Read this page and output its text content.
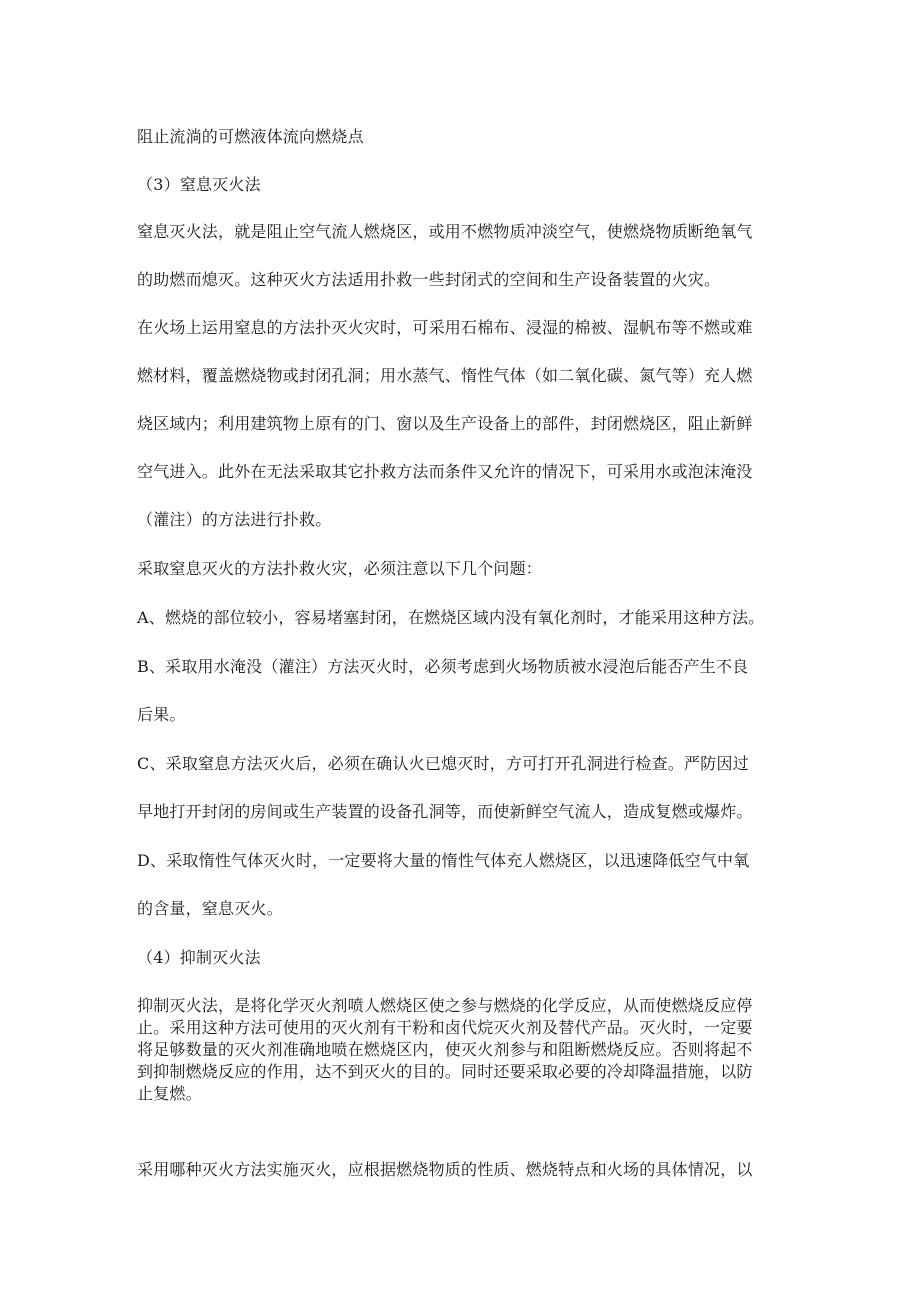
阻止流淌的可燃液体流向燃烧点
（3）窒息灭火法
窒息灭火法，就是阻止空气流人燃烧区，或用不燃物质冲淡空气，使燃烧物质断绝氧气
的助燃而熄灭。这种灭火方法适用扑救一些封闭式的空间和生产设备装置的火灾。
在火场上运用窒息的方法扑灭火灾时，可采用石棉布、浸湿的棉被、湿帆布等不燃或难
燃材料，覆盖燃烧物或封闭孔洞；用水蒸气、惰性气体（如二氧化碳、氮气等）充人燃
烧区域内；利用建筑物上原有的门、窗以及生产设备上的部件，封闭燃烧区，阻止新鲜
空气进入。此外在无法采取其它扑救方法而条件又允许的情况下，可采用水或泡沫淹没
（灌注）的方法进行扑救。
采取窒息灭火的方法扑救火灾，必须注意以下几个问题：
A、燃烧的部位较小，容易堵塞封闭，在燃烧区域内没有氧化剂时，才能采用这种方法。
B、采取用水淹没（灌注）方法灭火时，必须考虑到火场物质被水浸泡后能否产生不良
后果。
C、采取窒息方法灭火后，必须在确认火已熄灭时，方可打开孔洞进行检查。严防因过
早地打开封闭的房间或生产装置的设备孔洞等，而使新鲜空气流人，造成复燃或爆炸。
D、采取惰性气体灭火时，一定要将大量的惰性气体充人燃烧区，以迅速降低空气中氧
的含量，窒息灭火。
（4）抑制灭火法
抑制灭火法，是将化学灭火剂喷人燃烧区使之参与燃烧的化学反应，从而使燃烧反应停
止。采用这种方法可使用的灭火剂有干粉和卤代烷灭火剂及替代产品。灭火时，一定要
将足够数量的灭火剂准确地喷在燃烧区内，使灭火剂参与和阻断燃烧反应。否则将起不
到抑制燃烧反应的作用，达不到灭火的目的。同时还要采取必要的冷却降温措施，以防
止复燃。
采用哪种灭火方法实施灭火，应根据燃烧物质的性质、燃烧特点和火场的具体情况，以
